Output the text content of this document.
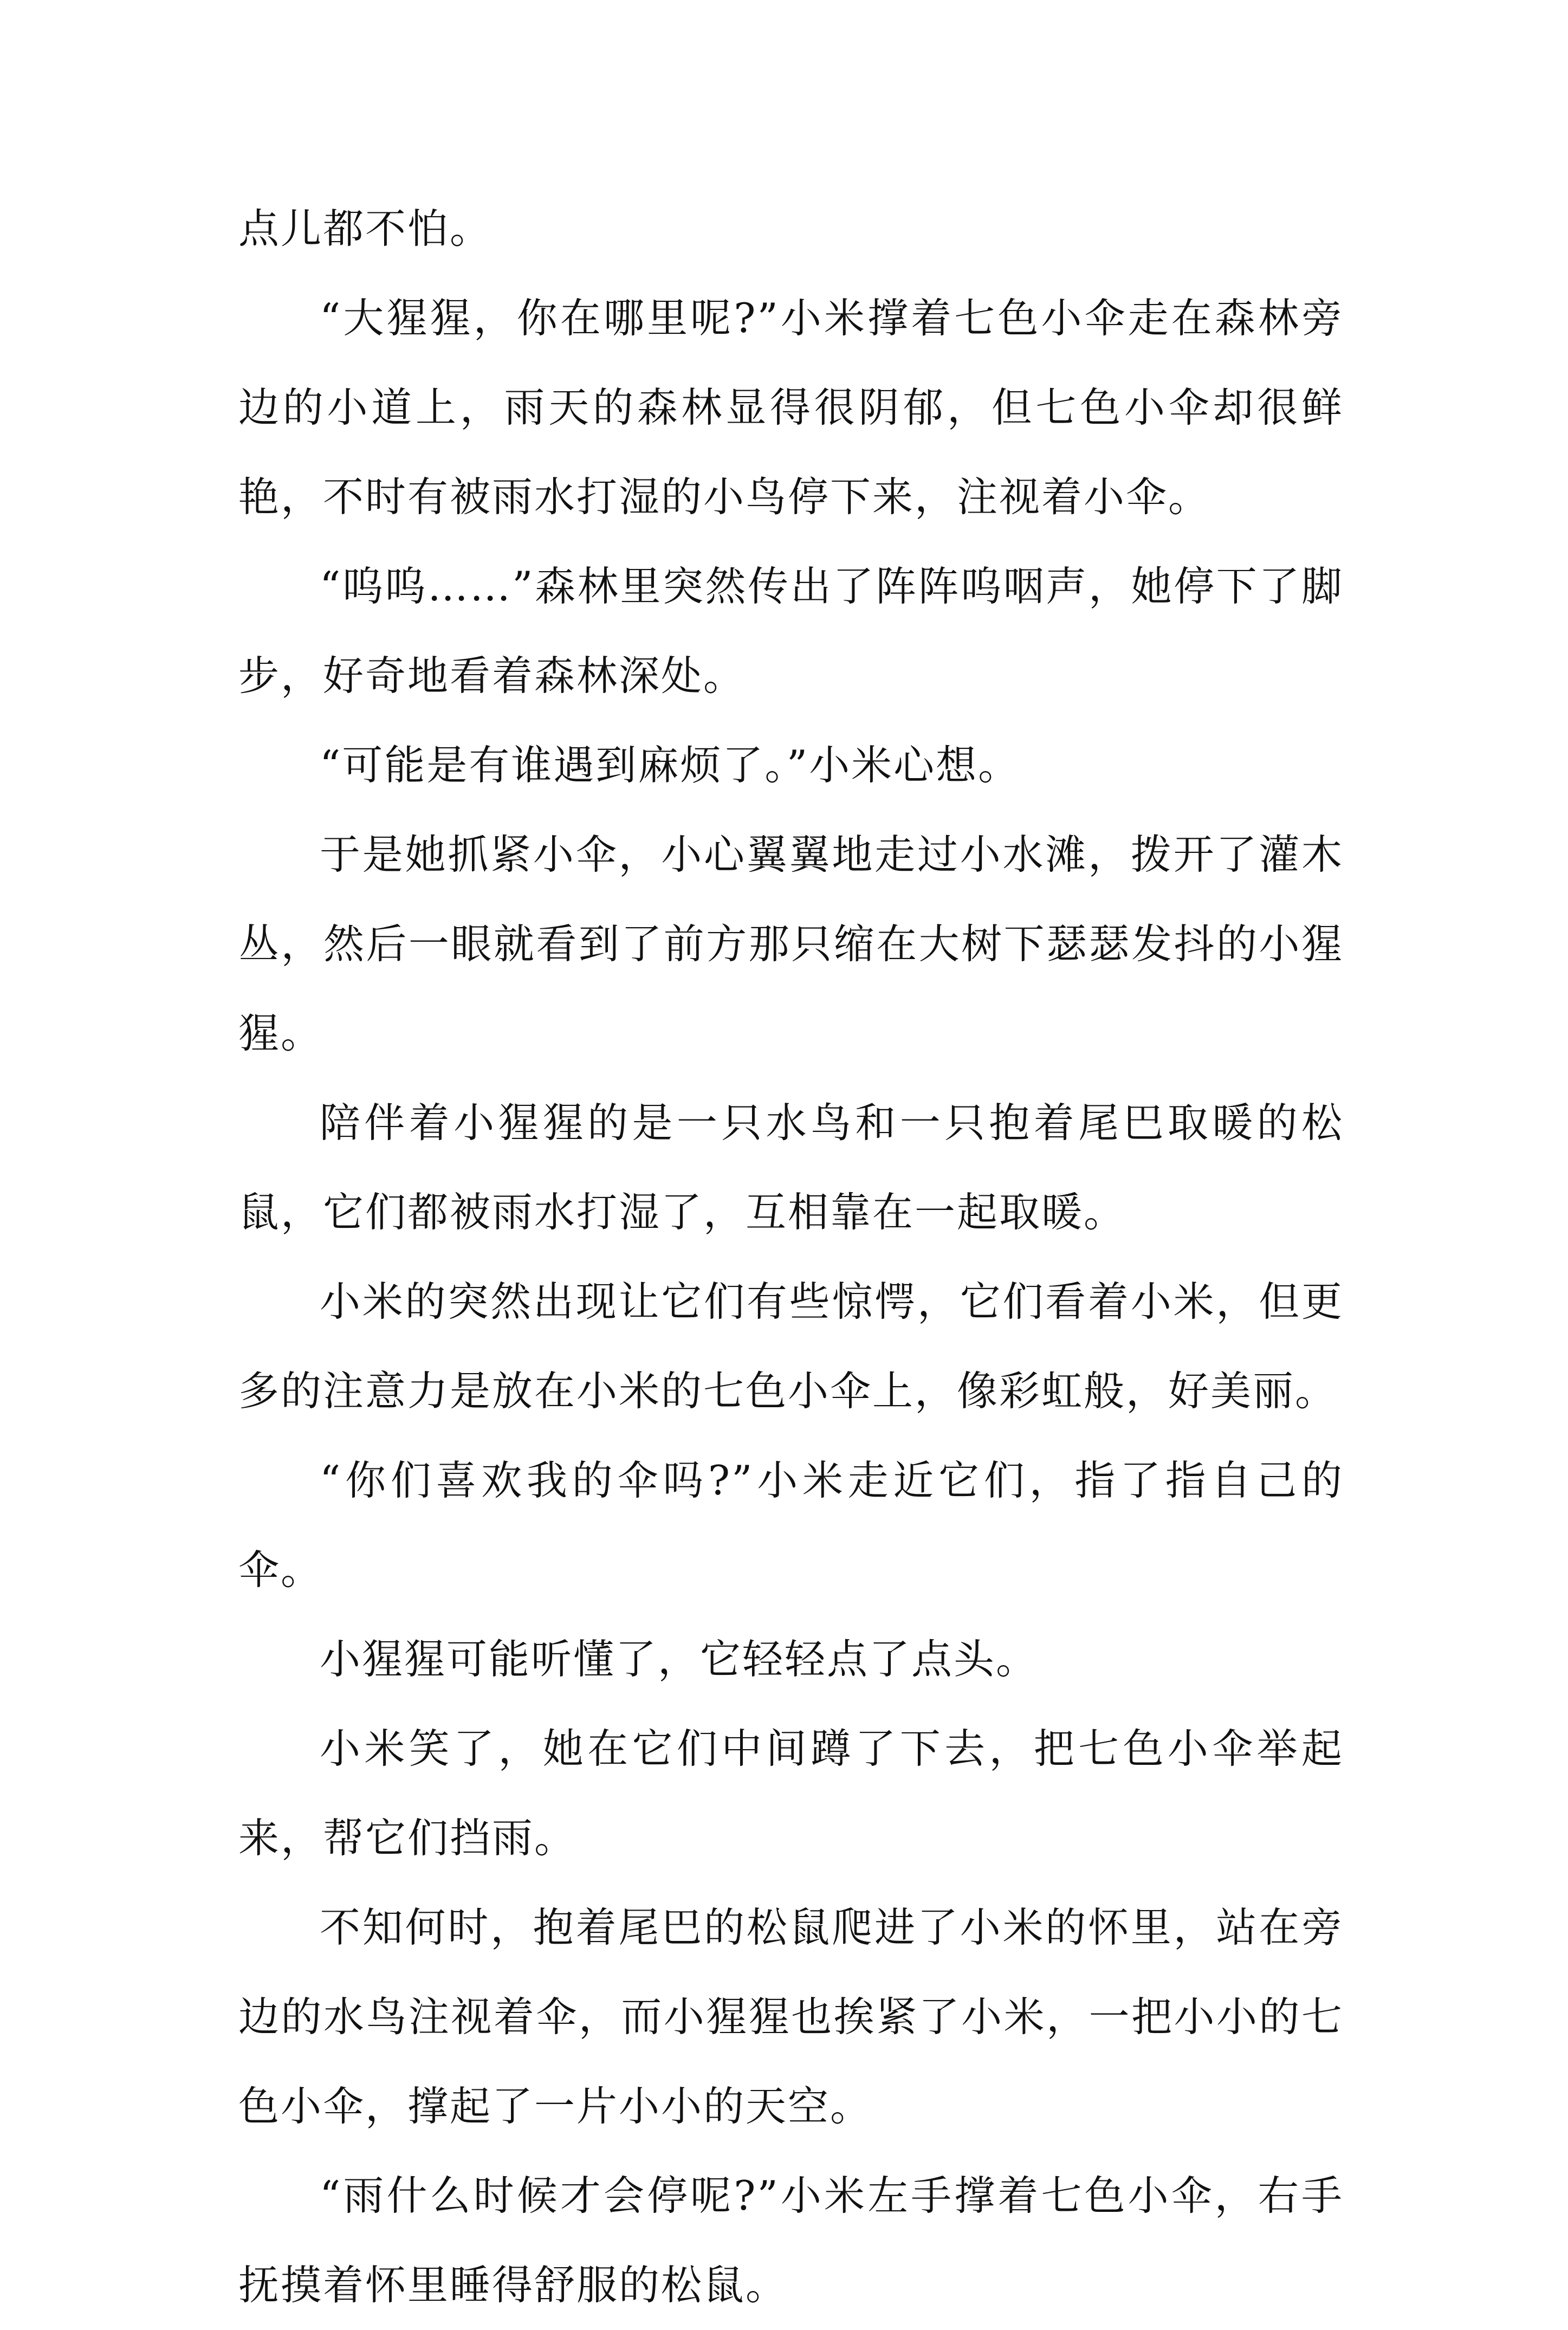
点儿都不怕。

“大猩猩，你在哪里呢?”小米撑着七色小伞走在森林旁边的小道上，雨天的森林显得很阴郁，但七色小伞却很鲜艳，不时有被雨水打湿的小鸟停下来，注视着小伞。

“呜呜……”森林里突然传出了阵阵呜咽声，她停下了脚步，好奇地看着森林深处。

“可能是有谁遇到麻烦了。”小米心想。

于是她抓紧小伞，小心翼翼地走过小水滩，拨开了灌木丛，然后一眼就看到了前方那只缩在大树下瑟瑟发抖的小猩猩。

陪伴着小猩猩的是一只水鸟和一只抱着尾巴取暖的松鼠，它们都被雨水打湿了，互相靠在一起取暖。

小米的突然出现让它们有些惊愕，它们看着小米，但更多的注意力是放在小米的七色小伞上，像彩虹般，好美丽。

“你们喜欢我的伞吗?”小米走近它们，指了指自己的伞。

小猩猩可能听懂了，它轻轻点了点头。

小米笑了，她在它们中间蹲了下去，把七色小伞举起来，帮它们挡雨。

不知何时，抱着尾巴的松鼠爬进了小米的怀里，站在旁边的水鸟注视着伞，而小猩猩也挨紧了小米，一把小小的七色小伞，撑起了一片小小的天空。

“雨什么时候才会停呢?”小米左手撑着七色小伞，右手抚摸着怀里睡得舒服的松鼠。
